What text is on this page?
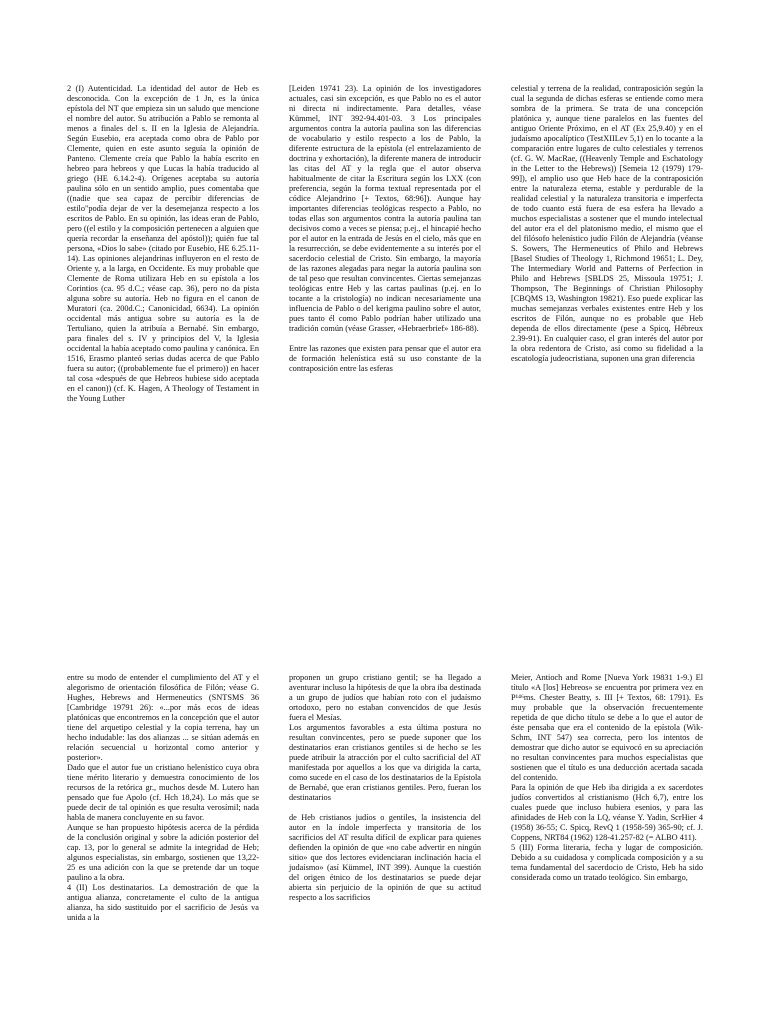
2 (I) Autenticidad. La identidad del autor de Heb es desconocida. Con la excepción de 1 Jn, es la única epístola del NT que empieza sin un saludo que mencione el nombre del autor. Su atribución a Pablo se remonta al menos a finales del s. II en la Iglesia de Alejandría. Según Eusebio, era aceptada como obra de Pablo por Clemente, quien en este asunto seguía la opinión de Panteno. Clemente creía que Pablo la había escrito en hebreo para hebreos y que Lucas la había traducido al griego (HE 6.14.2-4). Orígenes aceptaba su autoría paulina sólo en un sentido amplio, pues comentaba que ((nadie que sea capaz de percibir diferencias de estilo"podía dejar de ver la desemejanza respecto a los escritos de Pablo. En su opinión, las ideas eran de Pablo, pero ((el estilo y la composición pertenecen a alguien que quería recordar la enseñanza del apóstol)); quién fue tal persona, «Dios lo sabe» (citado por Eusebio, HE 6.25.11-14). Las opiniones alejandrinas influyeron en el resto de Oriente y, a la larga, en Occidente. Es muy probable que Clemente de Roma utilizara Heb en su epístola a los Corintios (ca. 95 d.C.; véase cap. 36), pero no da pista alguna sobre su autoría. Heb no figura en el canon de Muratori (ca. 200d.C.; Canonicidad, 6634). La opinión occidental más antigua sobre su autoría es la de Tertuliano, quien la atribuía a Bernabé. Sin embargo, para finales del s. IV y principios del V, la Iglesia occidental la había aceptado como paulina y canónica. En 1516, Erasmo planteó serias dudas acerca de que Pablo fuera su autor; ((probablemente fue el primero)) en hacer tal cosa «después de que Hebreos hubiese sido aceptada en el canon)) (cf. K. Hagen, A Theology of Testament in the Young Luther

[Leiden 19741 23). La opinión de los investigadores actuales, casi sin excepción, es que Pablo no es el autor ni directa ni indirectamente. Para detalles, véase Kümmel, INT 392-94.401-03. 3 Los principales argumentos contra la autoría paulina son las diferencias de vocabulario y estilo respecto a los de Pablo, la diferente estructura de la epístola (el entrelazamiento de doctrina y exhortación), la diferente manera de introducir las citas del AT y la regla que el autor observa habitualmente de citar la Escritura según los LXX (con preferencia, según la forma textual representada por el códice Alejandrino [+ Textos, 68:96]). Aunque hay importantes diferencias teológicas respecto a Pablo, no todas ellas son argumentos contra la autoría paulina tan decisivos como a veces se piensa; p.ej., el hincapié hecho por el autor en la entrada de Jesús en el cielo, más que en la resurrección, se debe evidentemente a su interés por el sacerdocio celestial de Cristo. Sin embargo, la mayoría de las razones alegadas para negar la autoría paulina son de tal peso que resultan convincentes. Ciertas semejanzas teológicas entre Heb y las cartas paulinas (p.ej. en lo tocante a la cristología) no indican necesariamente una influencia de Pablo o del kerigma paulino sobre el autor, pues tanto él como Pablo podrían haber utilizado una tradición común (véase Grasser, «Hebraerbrief» 186-88).

Entre las razones que existen para pensar que el autor era de formación helenística está su uso constante de la contraposición entre las esferas

celestial y terrena de la realidad, contraposición según la cual la segunda de dichas esferas se entiende como mera sombra de la primera. Se trata de una concepción platónica y, aunque tiene paralelos en las fuentes del antiguo Oriente Próximo, en el AT (Ex 25,9.40) y en el judaísmo apocalíptico (TestXIILev 5,1) en lo tocante a la comparación entre lugares de culto celestiales y terrenos (cf. G. W. MacRae, ((Heavenly Temple and Eschatology in the Letter to the Hebrews)) [Semeia 12 (1979) 179-99]), el amplio uso que Heb hace de la contraposición entre la naturaleza eterna, estable y perdurable de la realidad celestial y la naturaleza transitoria e imperfecta de todo cuanto está fuera de esa esfera ha llevado a muchos especialistas a sostener que el mundo intelectual del autor era el del platonismo medio, el mismo que el del filósofo helenístico judío Filón de Alejandría (véanse S. Sowers, The Hermeneutics of Philo and Hebrews [Basel Studies of Theology 1, Richmond 19651; L. Dey, The Intermediary World and Patterns of Perfection in Philo and Hebrews [SBLDS 25, Missoula 19751; J. Thompson, The Beginnings of Christian Philosophy [CBQMS 13, Washington 19821). Eso puede explicar las muchas semejanzas verbales existentes entre Heb y los escritos de Filón, aunque no es probable que Heb dependa de ellos directamente (pese a Spicq, Hébreux 2.39-91). En cualquier caso, el gran interés del autor por la obra redentora de Cristo, así como su fidelidad a la escatología judeocristiana, suponen una gran diferencia

entre su modo de entender el cumplimiento del AT y el alegorismo de orientación filosófica de Filón; véase G. Hughes, Hebrews and Hermeneutics (SNTSMS 36 [Cambridge 19791 26): «...por más ecos de ideas platónicas que encontremos en la concepción que el autor tiene del arquetipo celestial y la copia terrena, hay un hecho indudable: las dos alianzas ... se sitúan además en relación secuencial u horizontal como anterior y posterior».

Dado que el autor fue un cristiano helenístico cuya obra tiene mérito literario y demuestra conocimiento de los recursos de la retórica gr., muchos desde M. Lutero han pensado que fue Apolo (cf. Hch 18,24). Lo más que se puede decir de tal opinión es que resulta verosímil; nada habla de manera concluyente en su favor.

Aunque se han propuesto hipótesis acerca de la pérdida de la conclusión original y sobre la adición posterior del cap. 13, por lo general se admite la integridad de Heb; algunos especialistas, sin embargo, sostienen que 13,22-25 es una adición con la que se pretende dar un toque paulino a la obra.

4 (II) Los destinatarios. La demostración de que la antigua alianza, concretamente el culto de la antigua alianza, ha sido sustituido por el sacrificio de Jesús va unida a la

proponen un grupo cristiano gentil; se ha llegado a aventurar incluso la hipótesis de que la obra iba destinada a un grupo de judíos que habían roto con el judaísmo ortodoxo, pero no estaban convencidos de que Jesús fuera el Mesías.

Los argumentos favorables a esta última postura no resultan convincentes, pero se puede suponer que los destinatarios eran cristianos gentiles si de hecho se les puede atribuir la atracción por el culto sacrificial del AT manifestada por aquellos a los que va dirigida la carta, como sucede en el caso de los destinatarios de la Epístola de Bernabé, que eran cristianos gentiles. Pero, fueran los destinatarios

de Heb cristianos judíos o gentiles, la insistencia del autor en la índole imperfecta y transitoria de los sacrificios del AT resulta difícil de explicar para quienes defienden la opinión de que «no cabe advertir en ningún sitio» que dos lectores evidenciaran inclinación hacia el judaísmo» (así Kümmel, INT 399). Aunque la cuestión del origen étnico de los destinatarios se puede dejar abierta sin perjuicio de la opinión de que su actitud respecto a los sacrificios

Meier, Antioch and Rome [Nueva York 19831 1-9.) El título «A [los] Hebreos» se encuentra por primera vez en P¹⁴⁶ms. Chester Beatty, s. III [+ Textos, 68: 1791). Es muy probable que la observación frecuentemente repetida de que dicho título se debe a lo que el autor de éste pensaba que era el contenido de la epístola (Wik-Schm, INT 547) sea correcta, pero los intentos de demostrar que dicho autor se equivocó en su apreciación no resultan convincentes para muchos especialistas que sostienen que el título es una deducción acertada sacada del contenido.

Para la opinión de que Heb iba dirigida a ex sacerdotes judíos convertidos al cristianismo (Hch 6,7), entre los cuales puede que incluso hubiera esenios, y para las afinidades de Heb con la LQ, véanse Y. Yadin, ScrHier 4 (1958) 36-55; C. Spicq, RevQ 1 (1958-59) 365-90; cf. J. Coppens, NRT84 (1962) 128-41.257-82 (= ALBO 411).

5 (III) Forma literaria, fecha y lugar de composición. Debido a su cuidadosa y complicada composición y a su tema fundamental del sacerdocio de Cristo, Heb ha sido considerada como un tratado teológico. Sin embargo,
